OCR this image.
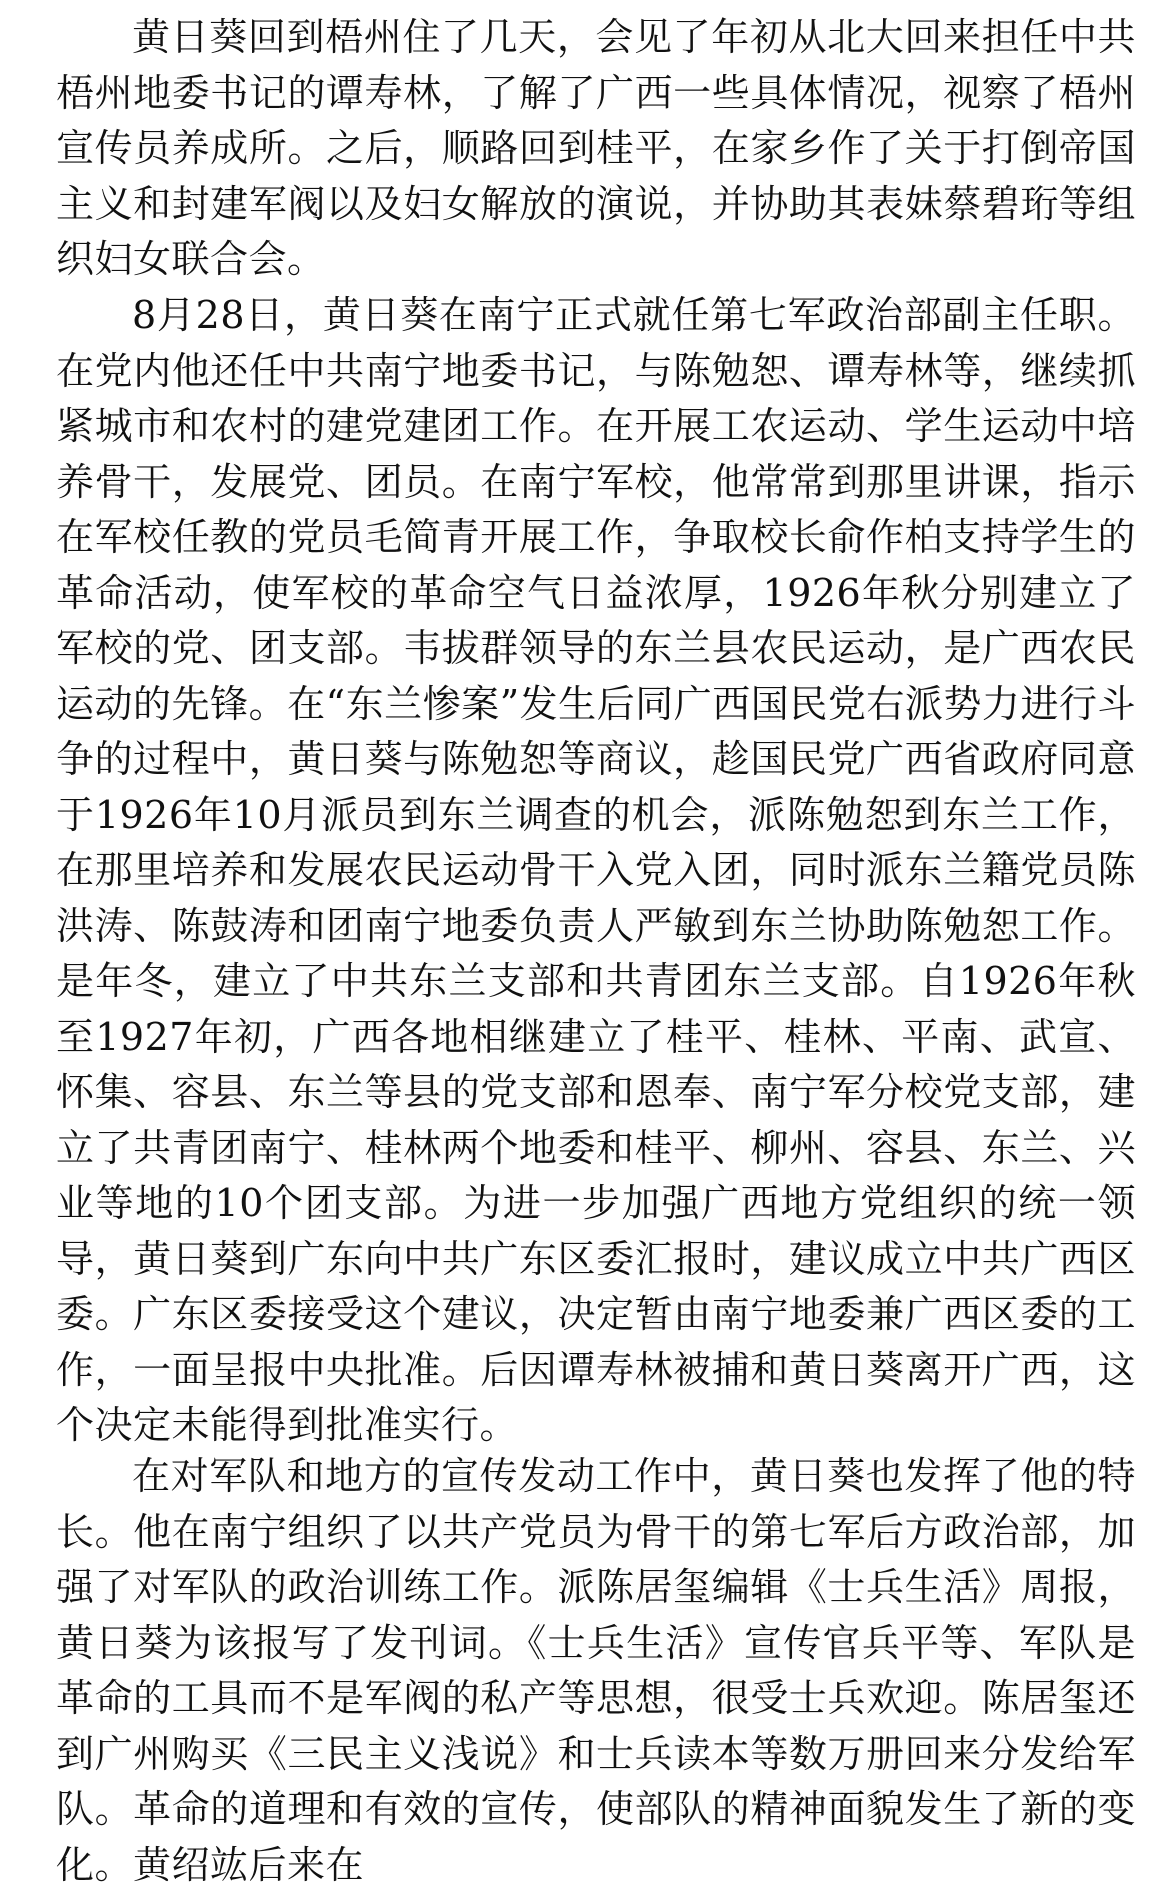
黄日葵回到梧州住了几天，会见了年初从北大回来担任中共梧州地委书记的谭寿林，了解了广西一些具体情况，视察了梧州宣传员养成所。之后，顺路回到桂平，在家乡作了关于打倒帝国主义和封建军阀以及妇女解放的演说，并协助其表妹蔡碧珩等组织妇女联合会。

8月28日，黄日葵在南宁正式就任第七军政治部副主任职。在党内他还任中共南宁地委书记，与陈勉恕、谭寿林等，继续抓紧城市和农村的建党建团工作。在开展工农运动、学生运动中培养骨干，发展党、团员。在南宁军校，他常常到那里讲课，指示在军校任教的党员毛简青开展工作，争取校长俞作柏支持学生的革命活动，使军校的革命空气日益浓厚，1926年秋分别建立了军校的党、团支部。韦拔群领导的东兰县农民运动，是广西农民运动的先锋。在“东兰惨案”发生后同广西国民党右派势力进行斗争的过程中，黄日葵与陈勉恕等商议，趁国民党广西省政府同意于1926年10月派员到东兰调查的机会，派陈勉恕到东兰工作，在那里培养和发展农民运动骨干入党入团，同时派东兰籍党员陈洪涛、陈鼓涛和团南宁地委负责人严敏到东兰协助陈勉恕工作。是年冬，建立了中共东兰支部和共青团东兰支部。自1926年秋至1927年初，广西各地相继建立了桂平、桂林、平南、武宣、怀集、容县、东兰等县的党支部和恩奉、南宁军分校党支部，建立了共青团南宁、桂林两个地委和桂平、柳州、容县、东兰、兴业等地的10个团支部。为进一步加强广西地方党组织的统一领导，黄日葵到广东向中共广东区委汇报时，建议成立中共广西区委。广东区委接受这个建议，决定暂由南宁地委兼广西区委的工作，一面呈报中央批准。后因谭寿林被捕和黄日葵离开广西，这个决定未能得到批准实行。

在对军队和地方的宣传发动工作中，黄日葵也发挥了他的特长。他在南宁组织了以共产党员为骨干的第七军后方政治部，加强了对军队的政治训练工作。派陈居玺编辑《士兵生活》周报，黄日葵为该报写了发刊词。《士兵生活》宣传官兵平等、军队是革命的工具而不是军阀的私产等思想，很受士兵欢迎。陈居玺还到广州购买《三民主义浅说》和士兵读本等数万册回来分发给军队。革命的道理和有效的宣传，使部队的精神面貌发生了新的变化。黄绍竑后来在
